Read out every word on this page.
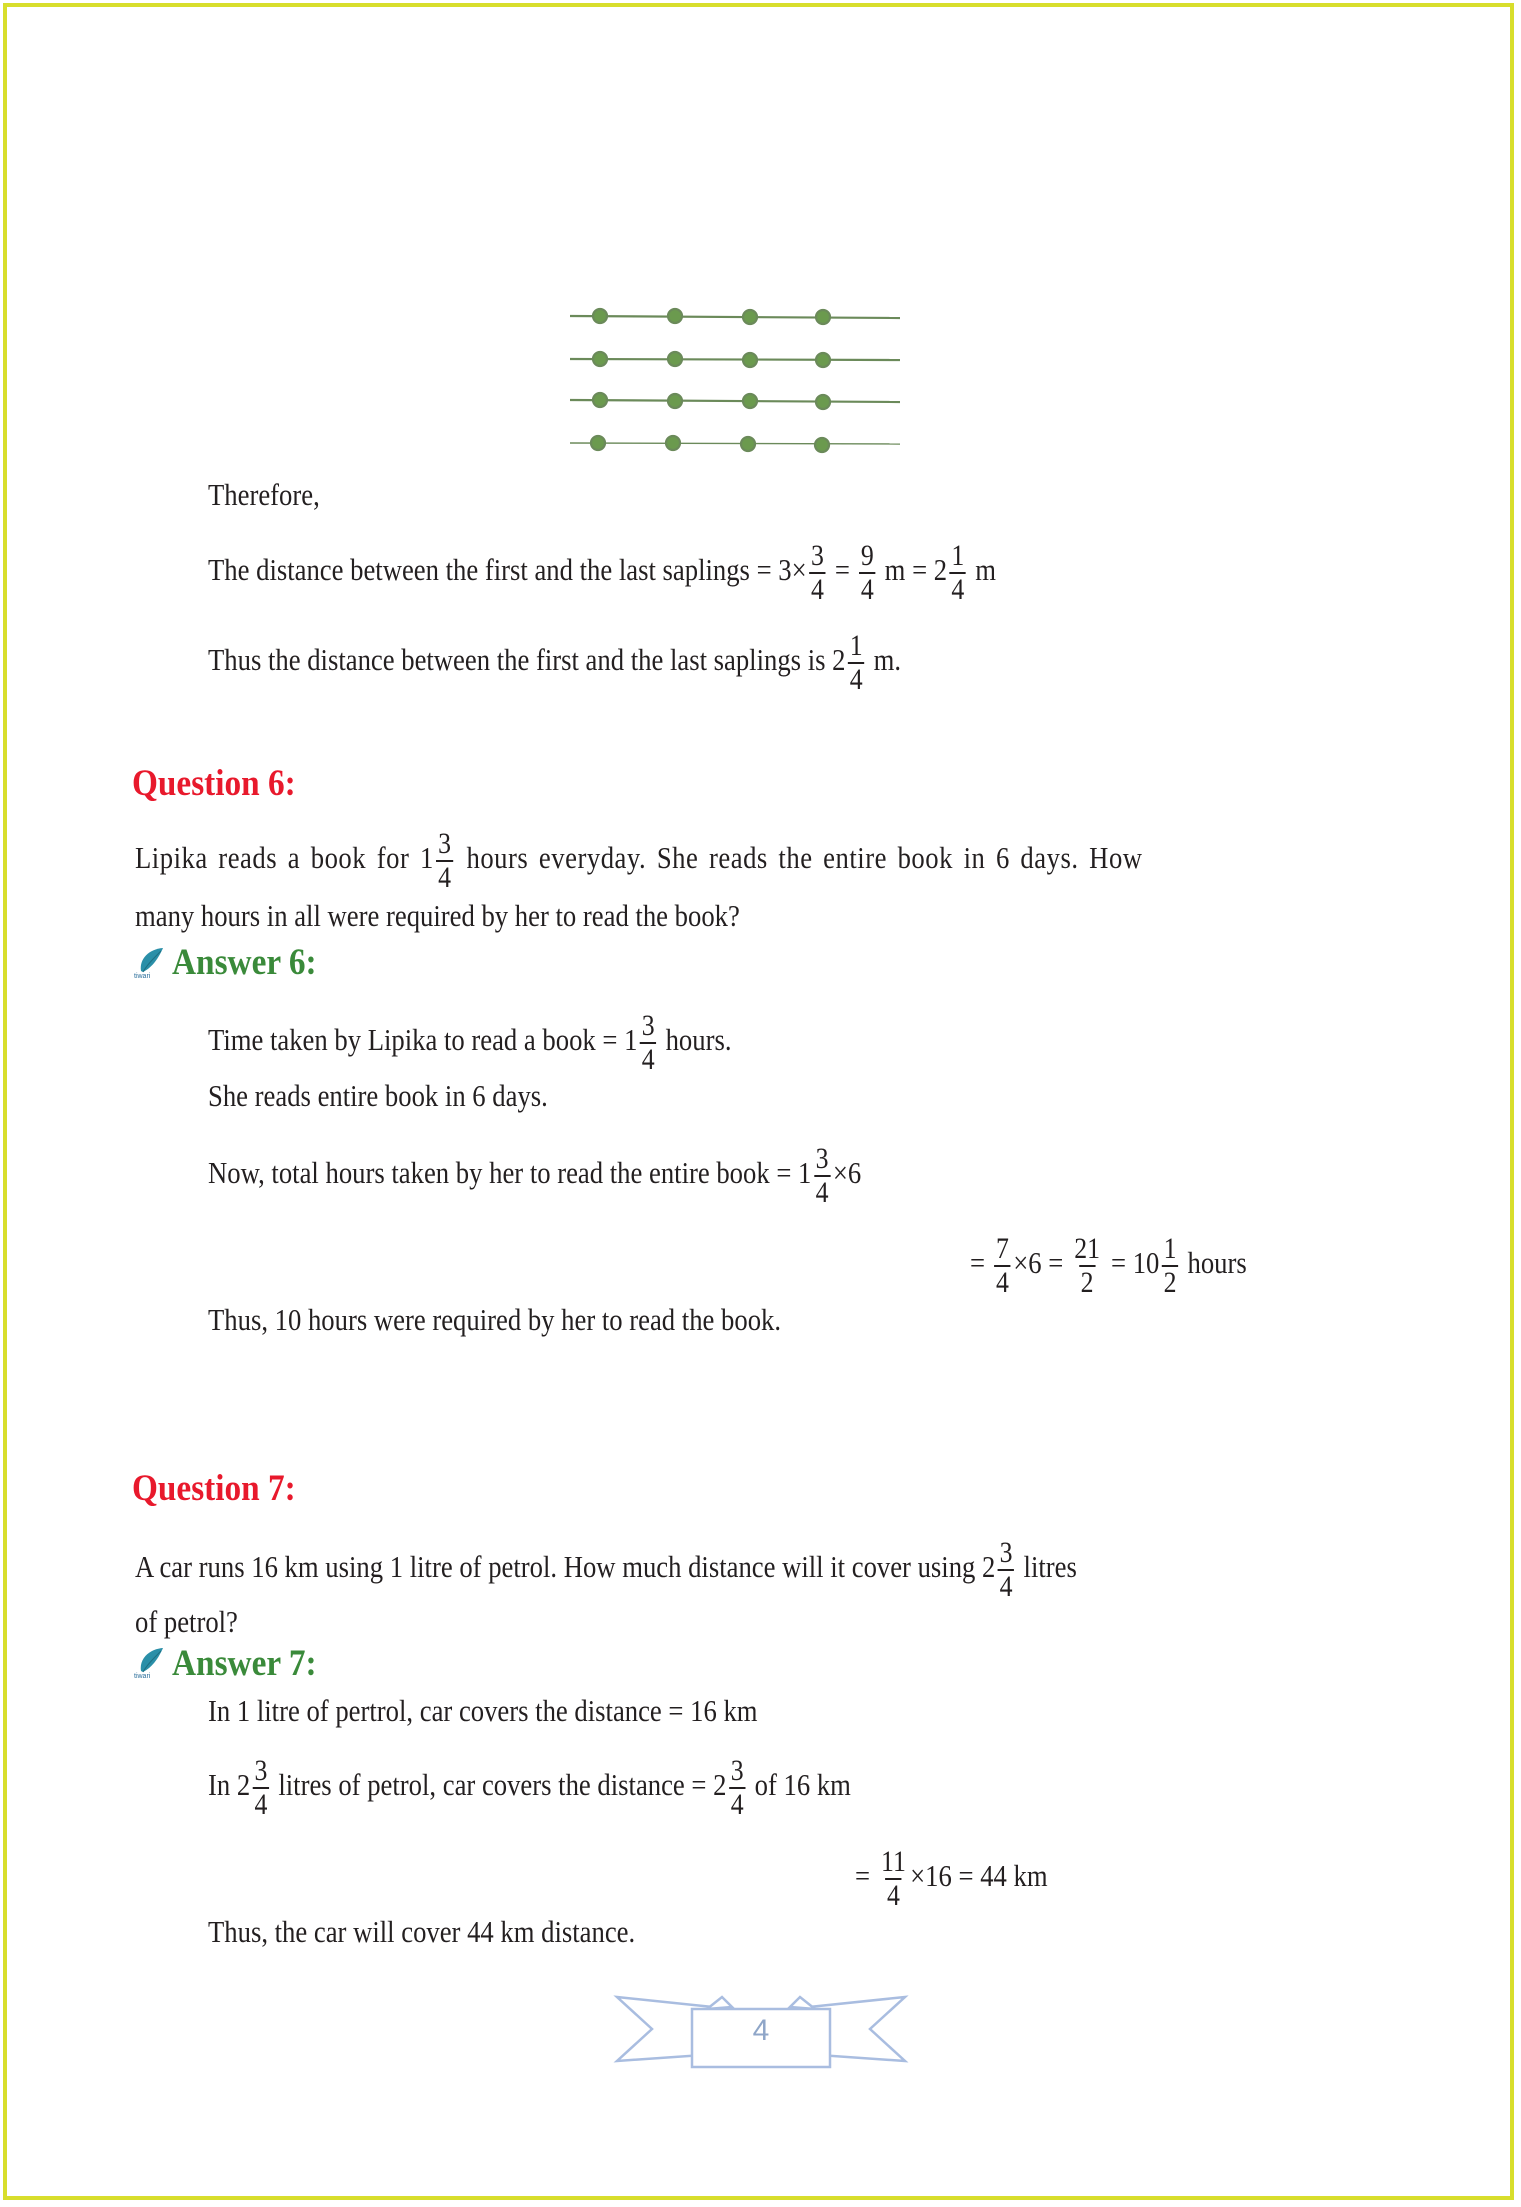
Therefore,
The distance between the first and the last saplings = $3\times \frac{3}{4} = \frac{9}{4}$ $m = 2 \frac{1}{4}$ m
Thus the distance between the first and the last saplings is $2 \frac{1}{4} m$.
Question 6:
Lipika reads a book for $1 \frac{3}{4}$ hours everyday. She reads the entire book in 6 days. How
many hours in all were required by her to read the book?
tiwari Answer 6:
Time taken by Lipika to read a book = $1 \frac{3}{4}$ hours.
She reads entire book in 6 days.
Now, total hours taken by her to read the entire book = $1 \frac{3}{4} \times 6$
= $\frac{7}{4} \times 6 = \frac{21}{2} = 10 \frac{1}{2}$ hours
Thus, 10 hours were required by her to read the book.
Question 7:
A car runs 16 km using 1 litre of petrol. How much distance will it cover using $2 \frac{3}{4}$ litres
of petrol?
tiwari Answer 7:
In 1 litre of pertrol, car covers the distance = 16 km
In $2 \frac{3}{4}$ litres of petrol, car covers the distance = $2 \frac{3}{4}$ of 16 km
= $\frac{11}{4} \times 16 = 44$ km
Thus, the car will cover 44 km distance.
4
